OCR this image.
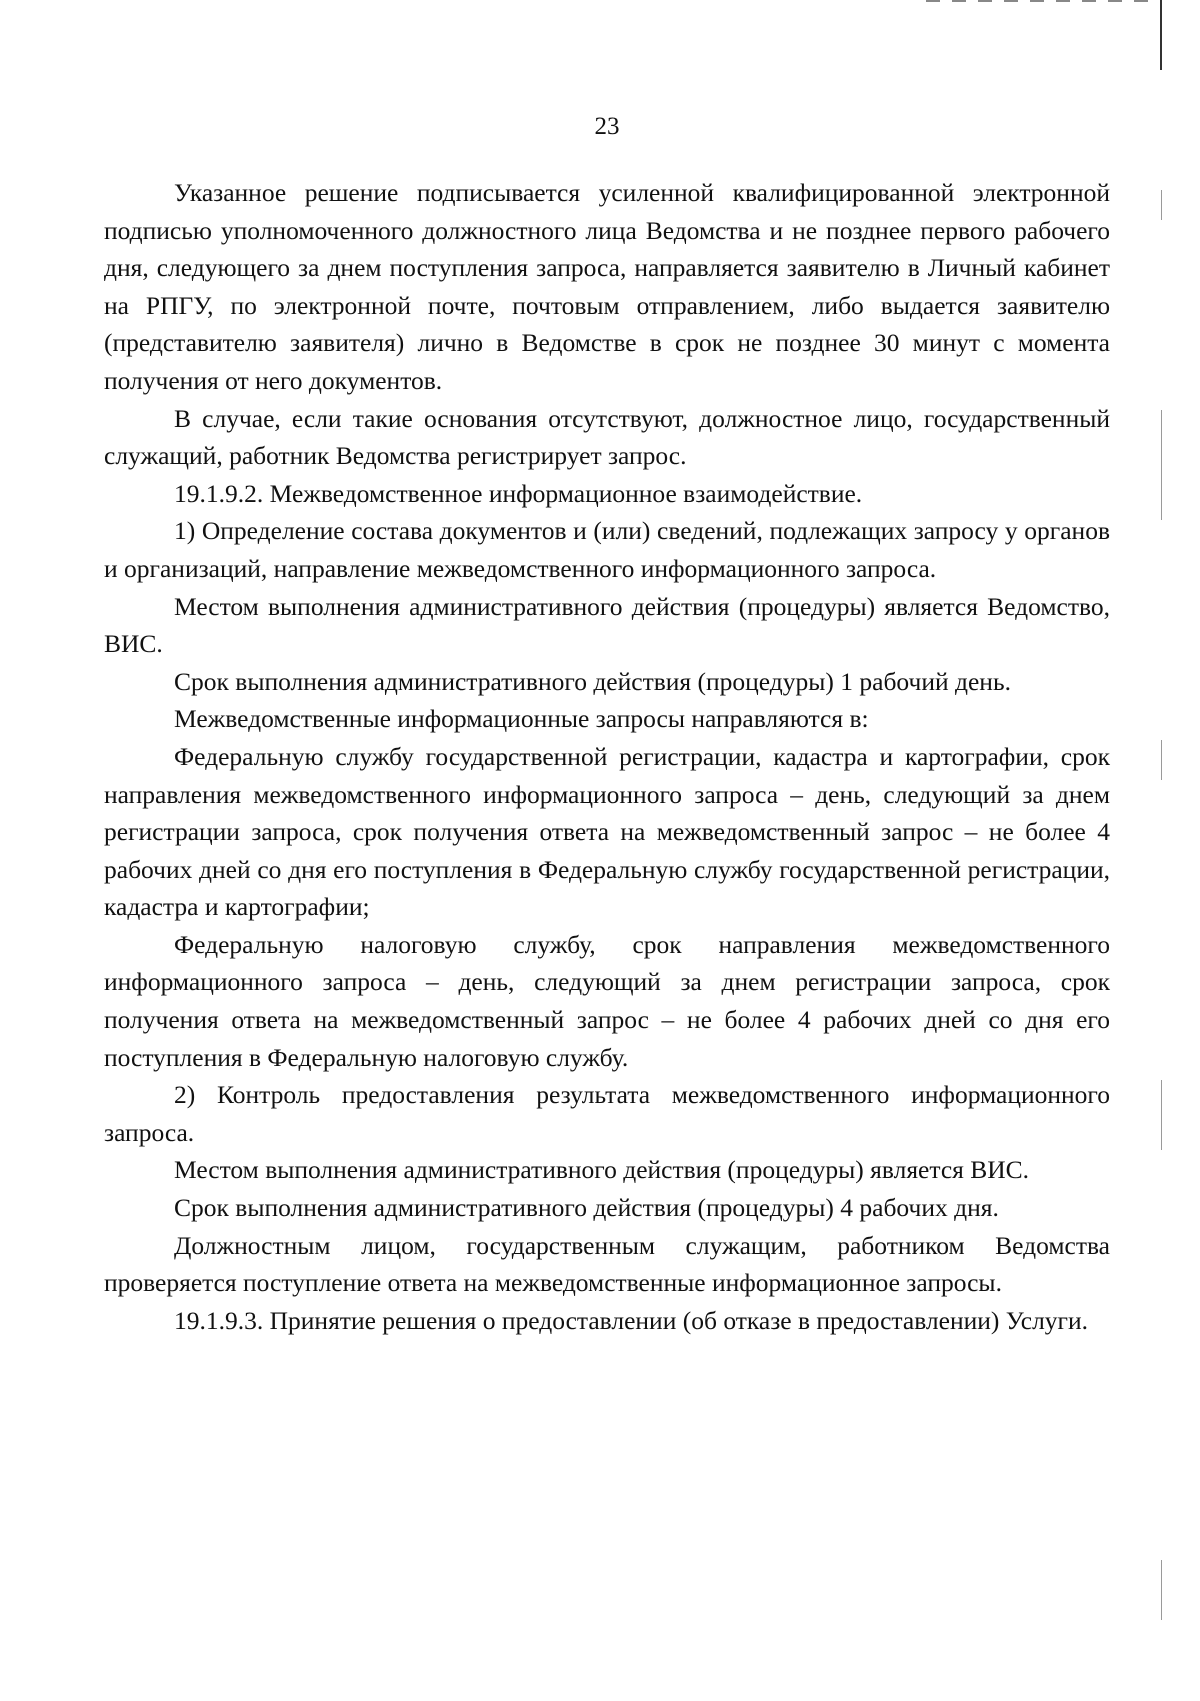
23

Указанное решение подписывается усиленной квалифицированной электронной подписью уполномоченного должностного лица Ведомства и не позднее первого рабочего дня, следующего за днем поступления запроса, направляется заявителю в Личный кабинет на РПГУ, по электронной почте, почтовым отправлением, либо выдается заявителю (представителю заявителя) лично в Ведомстве в срок не позднее 30 минут с момента получения от него документов.

В случае, если такие основания отсутствуют, должностное лицо, государственный служащий, работник Ведомства регистрирует запрос.

19.1.9.2. Межведомственное информационное взаимодействие.

1) Определение состава документов и (или) сведений, подлежащих запросу у органов и организаций, направление межведомственного информационного запроса.

Местом выполнения административного действия (процедуры) является Ведомство, ВИС.

Срок выполнения административного действия (процедуры) 1 рабочий день.

Межведомственные информационные запросы направляются в:

Федеральную службу государственной регистрации, кадастра и картографии, срок направления межведомственного информационного запроса – день, следующий за днем регистрации запроса, срок получения ответа на межведомственный запрос – не более 4 рабочих дней со дня его поступления в Федеральную службу государственной регистрации, кадастра и картографии;

Федеральную налоговую службу, срок направления межведомственного информационного запроса – день, следующий за днем регистрации запроса, срок получения ответа на межведомственный запрос – не более 4 рабочих дней со дня его поступления в Федеральную налоговую службу.

2) Контроль предоставления результата межведомственного информационного запроса.

Местом выполнения административного действия (процедуры) является ВИС.

Срок выполнения административного действия (процедуры) 4 рабочих дня.

Должностным лицом, государственным служащим, работником Ведомства проверяется поступление ответа на межведомственные информационное запросы.

19.1.9.3. Принятие решения о предоставлении (об отказе в предоставлении) Услуги.
